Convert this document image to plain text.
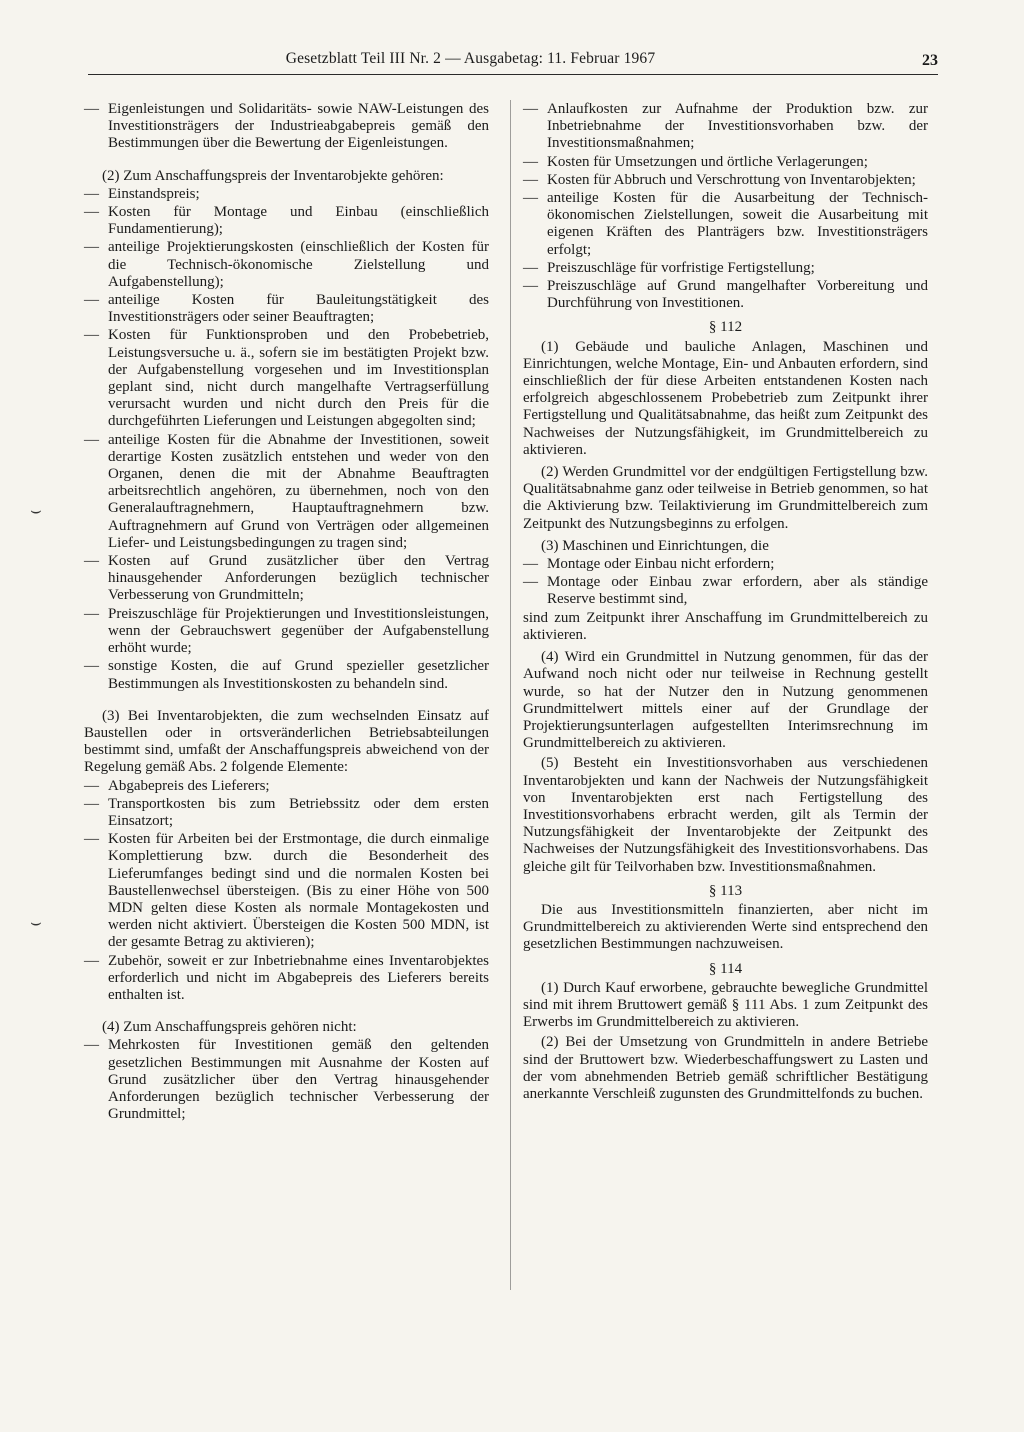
Gesetzblatt Teil III Nr. 2 — Ausgabetag: 11. Februar 1967	23
⌣
⌣
— Eigenleistungen und Solidaritäts- sowie NAW-Leistungen des Investitionsträgers der Industrieabgabepreis gemäß den Bestimmungen über die Bewertung der Eigenleistungen.
(2) Zum Anschaffungspreis der Inventarobjekte gehören:
— Einstandspreis;
— Kosten für Montage und Einbau (einschließlich Fundamentierung);
— anteilige Projektierungskosten (einschließlich der Kosten für die Technisch-ökonomische Zielstellung und Aufgabenstellung);
— anteilige Kosten für Bauleitungstätigkeit des Investitionsträgers oder seiner Beauftragten;
— Kosten für Funktionsproben und den Probebetrieb, Leistungsversuche u. ä., sofern sie im bestätigten Projekt bzw. der Aufgabenstellung vorgesehen und im Investitionsplan geplant sind, nicht durch mangelhafte Vertragserfüllung verursacht wurden und nicht durch den Preis für die durchgeführten Lieferungen und Leistungen abgegolten sind;
— anteilige Kosten für die Abnahme der Investitionen, soweit derartige Kosten zusätzlich entstehen und weder von den Organen, denen die mit der Abnahme Beauftragten arbeitsrechtlich angehören, zu übernehmen, noch von den Generalauftragnehmern, Hauptauftragnehmern bzw. Auftragnehmern auf Grund von Verträgen oder allgemeinen Liefer- und Leistungsbedingungen zu tragen sind;
— Kosten auf Grund zusätzlicher über den Vertrag hinausgehender Anforderungen bezüglich technischer Verbesserung von Grundmitteln;
— Preiszuschläge für Projektierungen und Investitionsleistungen, wenn der Gebrauchswert gegenüber der Aufgabenstellung erhöht wurde;
— sonstige Kosten, die auf Grund spezieller gesetzlicher Bestimmungen als Investitionskosten zu behandeln sind.
(3) Bei Inventarobjekten, die zum wechselnden Einsatz auf Baustellen oder in ortsveränderlichen Betriebsabteilungen bestimmt sind, umfaßt der Anschaffungspreis abweichend von der Regelung gemäß Abs. 2 folgende Elemente:
— Abgabepreis des Lieferers;
— Transportkosten bis zum Betriebssitz oder dem ersten Einsatzort;
— Kosten für Arbeiten bei der Erstmontage, die durch einmalige Komplettierung bzw. durch die Besonderheit des Lieferumfanges bedingt sind und die normalen Kosten bei Baustellenwechsel übersteigen. (Bis zu einer Höhe von 500 MDN gelten diese Kosten als normale Montagekosten und werden nicht aktiviert. Übersteigen die Kosten 500 MDN, ist der gesamte Betrag zu aktivieren);
— Zubehör, soweit er zur Inbetriebnahme eines Inventarobjektes erforderlich und nicht im Abgabepreis des Lieferers bereits enthalten ist.
(4) Zum Anschaffungspreis gehören nicht:
— Mehrkosten für Investitionen gemäß den geltenden gesetzlichen Bestimmungen mit Ausnahme der Kosten auf Grund zusätzlicher über den Vertrag hinausgehender Anforderungen bezüglich technischer Verbesserung der Grundmittel;
— Anlaufkosten zur Aufnahme der Produktion bzw. zur Inbetriebnahme der Investitionsvorhaben bzw. der Investitionsmaßnahmen;
— Kosten für Umsetzungen und örtliche Verlagerungen;
— Kosten für Abbruch und Verschrottung von Inventarobjekten;
— anteilige Kosten für die Ausarbeitung der Technisch-ökonomischen Zielstellungen, soweit die Ausarbeitung mit eigenen Kräften des Planträgers bzw. Investitionsträgers erfolgt;
— Preiszuschläge für vorfristige Fertigstellung;
— Preiszuschläge auf Grund mangelhafter Vorbereitung und Durchführung von Investitionen.
§ 112
(1) Gebäude und bauliche Anlagen, Maschinen und Einrichtungen, welche Montage, Ein- und Anbauten erfordern, sind einschließlich der für diese Arbeiten entstandenen Kosten nach erfolgreich abgeschlossenem Probebetrieb zum Zeitpunkt ihrer Fertigstellung und Qualitätsabnahme, das heißt zum Zeitpunkt des Nachweises der Nutzungsfähigkeit, im Grundmittelbereich zu aktivieren.
(2) Werden Grundmittel vor der endgültigen Fertigstellung bzw. Qualitätsabnahme ganz oder teilweise in Betrieb genommen, so hat die Aktivierung bzw. Teilaktivierung im Grundmittelbereich zum Zeitpunkt des Nutzungsbeginns zu erfolgen.
(3) Maschinen und Einrichtungen, die
— Montage oder Einbau nicht erfordern;
— Montage oder Einbau zwar erfordern, aber als ständige Reserve bestimmt sind,
sind zum Zeitpunkt ihrer Anschaffung im Grundmittelbereich zu aktivieren.
(4) Wird ein Grundmittel in Nutzung genommen, für das der Aufwand noch nicht oder nur teilweise in Rechnung gestellt wurde, so hat der Nutzer den in Nutzung genommenen Grundmittelwert mittels einer auf der Grundlage der Projektierungsunterlagen aufgestellten Interimsrechnung im Grundmittelbereich zu aktivieren.
(5) Besteht ein Investitionsvorhaben aus verschiedenen Inventarobjekten und kann der Nachweis der Nutzungsfähigkeit von Inventarobjekten erst nach Fertigstellung des Investitionsvorhabens erbracht werden, gilt als Termin der Nutzungsfähigkeit der Inventarobjekte der Zeitpunkt des Nachweises der Nutzungsfähigkeit des Investitionsvorhabens. Das gleiche gilt für Teilvorhaben bzw. Investitionsmaßnahmen.
§ 113
Die aus Investitionsmitteln finanzierten, aber nicht im Grundmittelbereich zu aktivierenden Werte sind entsprechend den gesetzlichen Bestimmungen nachzuweisen.
§ 114
(1) Durch Kauf erworbene, gebrauchte bewegliche Grundmittel sind mit ihrem Bruttowert gemäß § 111 Abs. 1 zum Zeitpunkt des Erwerbs im Grundmittelbereich zu aktivieren.
(2) Bei der Umsetzung von Grundmitteln in andere Betriebe sind der Bruttowert bzw. Wiederbeschaffungswert zu Lasten und der vom abnehmenden Betrieb gemäß schriftlicher Bestätigung anerkannte Verschleiß zugunsten des Grundmittelfonds zu buchen.
